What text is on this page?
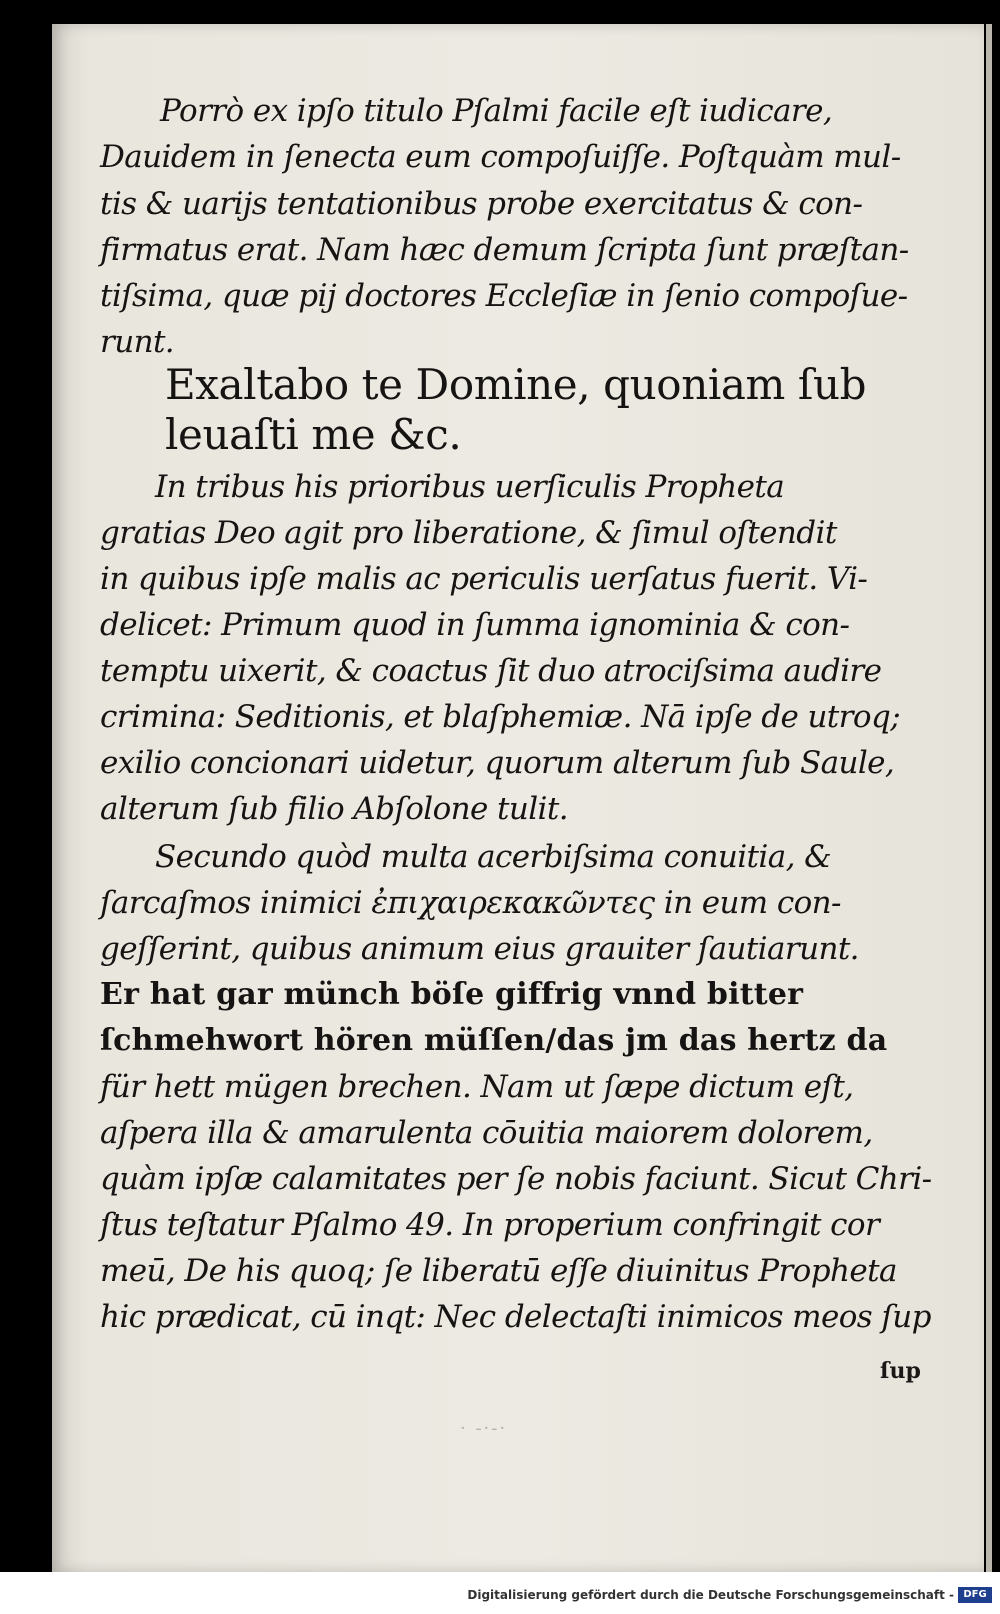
Porrò ex ipſo titulo Pſalmi facile eſt iudicare,
Dauidem in ſenecta eum compoſuiſſe. Poſtquàm mul-
tis & uarijs tentationibus probe exercitatus & con-
firmatus erat. Nam hæc demum ſcripta ſunt præſtan-
tiſsima, quæ pij doctores Eccleſiæ in ſenio compoſue-
runt.
Exaltabo te Domine, quoniam ſub
leuaſti me &c.
In tribus his prioribus uerſiculis Propheta
gratias Deo agit pro liberatione, & ſimul oſtendit
in quibus ipſe malis ac periculis uerſatus fuerit. Vi-
delicet: Primum quod in ſumma ignominia & con-
temptu uixerit, & coactus ſit duo atrociſsima audire
crimina: Seditionis, et blaſphemiæ. Nā ipſe de utroq;
exilio concionari uidetur, quorum alterum ſub Saule,
alterum ſub filio Abſolone tulit.
Secundo quòd multa acerbiſsima conuitia, &
ſarcaſmos inimici ἐπιχαιρεκακῶντες in eum con-
geſſerint, quibus animum eius grauiter ſautiarunt.
Er hat gar münch böſe giffrig vnnd bitter
ſchmehwort hören müſſen/das jm das hertz da
für hett mügen brechen. Nam ut ſæpe dictum eſt,
aſpera illa & amarulenta cōuitia maiorem dolorem,
quàm ipſæ calamitates per ſe nobis faciunt. Sicut Chri-
ſtus teſtatur Pſalmo 49. In properium confringit cor
meū, De his quoq; ſe liberatū eſſe diuinitus Propheta
hic prædicat, cū inqt: Nec delectaſti inimicos meos ſup
ſup
· -·-·
Digitalisierung gefördert durch die Deutsche Forschungsgemeinschaft - DFG
